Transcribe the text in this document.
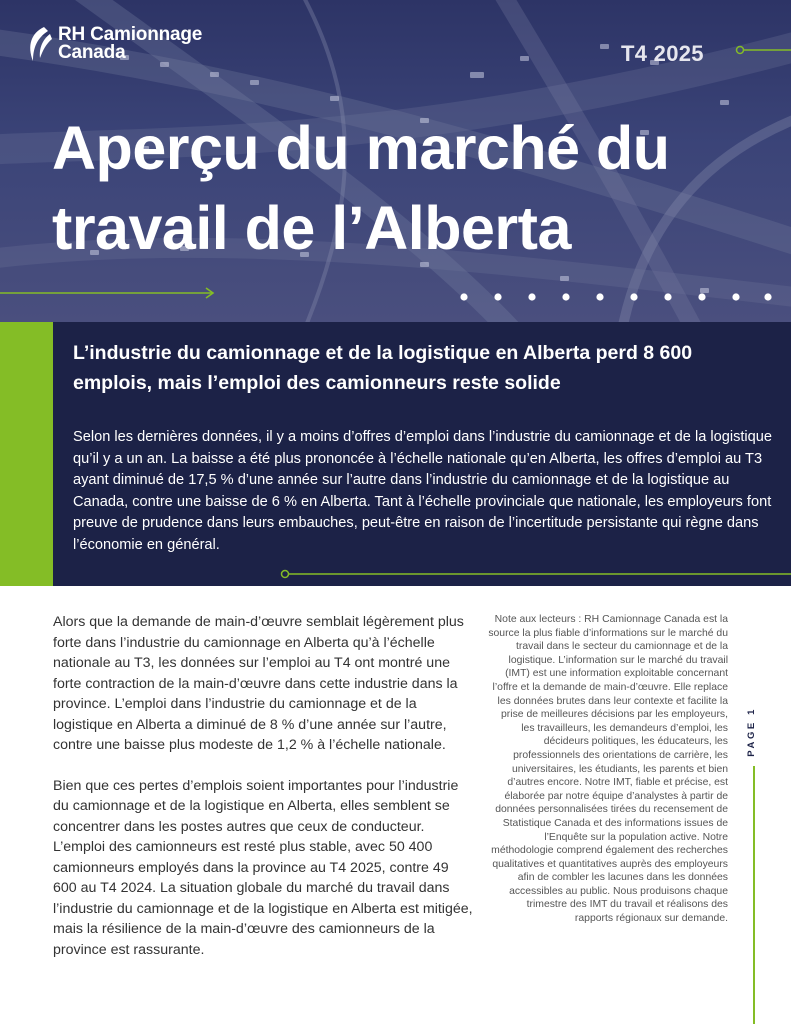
RH Camionnage
Canada	T4 2025
Aperçu du marché du travail de l’Alberta
L’industrie du camionnage et de la logistique en Alberta perd 8 600 emplois, mais l’emploi des camionneurs reste solide

Selon les dernières données, il y a moins d’offres d’emploi dans l’industrie du camionnage et de la logistique qu’il y a un an. La baisse a été plus prononcée à l’échelle nationale qu’en Alberta, les offres d’emploi au T3 ayant diminué de 17,5 % d’une année sur l’autre dans l’industrie du camionnage et de la logistique au Canada, contre une baisse de 6 % en Alberta. Tant à l’échelle provinciale que nationale, les employeurs font preuve de prudence dans leurs embauches, peut-être en raison de l’incertitude persistante qui règne dans l’économie en général.

Alors que la demande de main-d’œuvre semblait légèrement plus forte dans l’industrie du camionnage en Alberta qu’à l’échelle nationale au T3, les données sur l’emploi au T4 ont montré une forte contraction de la main-d’œuvre dans cette industrie dans la province. L’emploi dans l’industrie du camionnage et de la logistique en Alberta a diminué de 8 % d’une année sur l’autre, contre une baisse plus modeste de 1,2 % à l’échelle nationale.

Bien que ces pertes d’emplois soient importantes pour l’industrie du camionnage et de la logistique en Alberta, elles semblent se concentrer dans les postes autres que ceux de conducteur. L’emploi des camionneurs est resté plus stable, avec 50 400 camionneurs employés dans la province au T4 2025, contre 49 600 au T4 2024. La situation globale du marché du travail dans l’industrie du camionnage et de la logistique en Alberta est mitigée, mais la résilience de la main-d’œuvre des camionneurs de la province est rassurante.

Note aux lecteurs : RH Camionnage Canada est la source la plus fiable d’informations sur le marché du travail dans le secteur du camionnage et de la logistique. L’information sur le marché du travail (IMT) est une information exploitable concernant l’offre et la demande de main-d’œuvre. Elle replace les données brutes dans leur contexte et facilite la prise de meilleures décisions par les employeurs, les travailleurs, les demandeurs d’emploi, les décideurs politiques, les éducateurs, les professionnels des orientations de carrière, les universitaires, les étudiants, les parents et bien d’autres encore. Notre IMT, fiable et précise, est élaborée par notre équipe d’analystes à partir de données personnalisées tirées du recensement de Statistique Canada et des informations issues de l’Enquête sur la population active. Notre méthodologie comprend également des recherches qualitatives et quantitatives auprès des employeurs afin de combler les lacunes dans les données accessibles au public. Nous produisons chaque trimestre des IMT du travail et réalisons des rapports régionaux sur demande.

PAGE 1
